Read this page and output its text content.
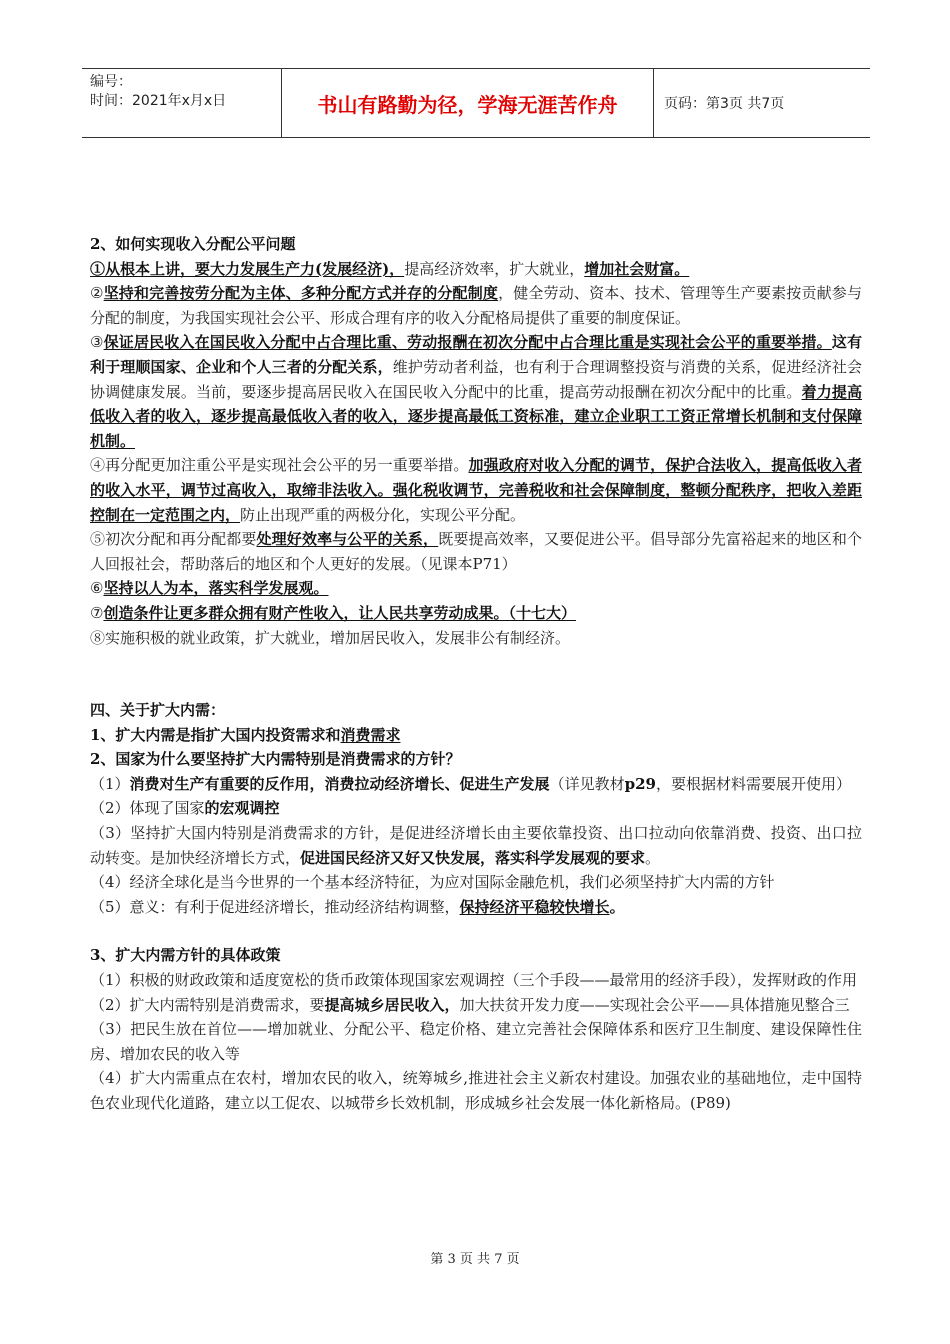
编号：
时间：2021年x月x日	书山有路勤为径，学海无涯苦作舟	页码：第3页 共7页

2、如何实现收入分配公平问题

①从根本上讲，要大力发展生产力(发展经济)，提高经济效率，扩大就业，增加社会财富。

②坚持和完善按劳分配为主体、多种分配方式并存的分配制度，健全劳动、资本、技术、管理等生产要素按贡献参与分配的制度，为我国实现社会公平、形成合理有序的收入分配格局提供了重要的制度保证。

③保证居民收入在国民收入分配中占合理比重、劳动报酬在初次分配中占合理比重是实现社会公平的重要举措。这有利于理顺国家、企业和个人三者的分配关系，维护劳动者利益，也有利于合理调整投资与消费的关系，促进经济社会协调健康发展。当前，要逐步提高居民收入在国民收入分配中的比重，提高劳动报酬在初次分配中的比重。着力提高低收入者的收入，逐步提高最低收入者的收入，逐步提高最低工资标准，建立企业职工工资正常增长机制和支付保障机制。

④再分配更加注重公平是实现社会公平的另一重要举措。加强政府对收入分配的调节，保护合法收入，提高低收入者的收入水平，调节过高收入，取缔非法收入。强化税收调节，完善税收和社会保障制度，整顿分配秩序，把收入差距控制在一定范围之内，防止出现严重的两极分化，实现公平分配。

⑤初次分配和再分配都要处理好效率与公平的关系，既要提高效率，又要促进公平。倡导部分先富裕起来的地区和个人回报社会，帮助落后的地区和个人更好的发展。（见课本P71）

⑥坚持以人为本，落实科学发展观。

⑦创造条件让更多群众拥有财产性收入，让人民共享劳动成果。（十七大）

⑧实施积极的就业政策，扩大就业，增加居民收入，发展非公有制经济。

四、关于扩大内需：

1、扩大内需是指扩大国内投资需求和消费需求

2、国家为什么要坚持扩大内需特别是消费需求的方针？

（1）消费对生产有重要的反作用，消费拉动经济增长、促进生产发展（详见教材p29，要根据材料需要展开使用）

（2）体现了国家的宏观调控

（3）坚持扩大国内特别是消费需求的方针，是促进经济增长由主要依靠投资、出口拉动向依靠消费、投资、出口拉动转变。是加快经济增长方式，促进国民经济又好又快发展，落实科学发展观的要求。

（4）经济全球化是当今世界的一个基本经济特征，为应对国际金融危机，我们必须坚持扩大内需的方针

（5）意义：有利于促进经济增长，推动经济结构调整，保持经济平稳较快增长。

3、扩大内需方针的具体政策

（1）积极的财政政策和适度宽松的货币政策体现国家宏观调控（三个手段——最常用的经济手段），发挥财政的作用

（2）扩大内需特别是消费需求，要提高城乡居民收入，加大扶贫开发力度——实现社会公平——具体措施见整合三

（3）把民生放在首位——增加就业、分配公平、稳定价格、建立完善社会保障体系和医疗卫生制度、建设保障性住房、增加农民的收入等

（4）扩大内需重点在农村，增加农民的收入，统筹城乡,推进社会主义新农村建设。加强农业的基础地位，走中国特色农业现代化道路，建立以工促农、以城带乡长效机制，形成城乡社会发展一体化新格局。(P89)

第 3 页 共 7 页
